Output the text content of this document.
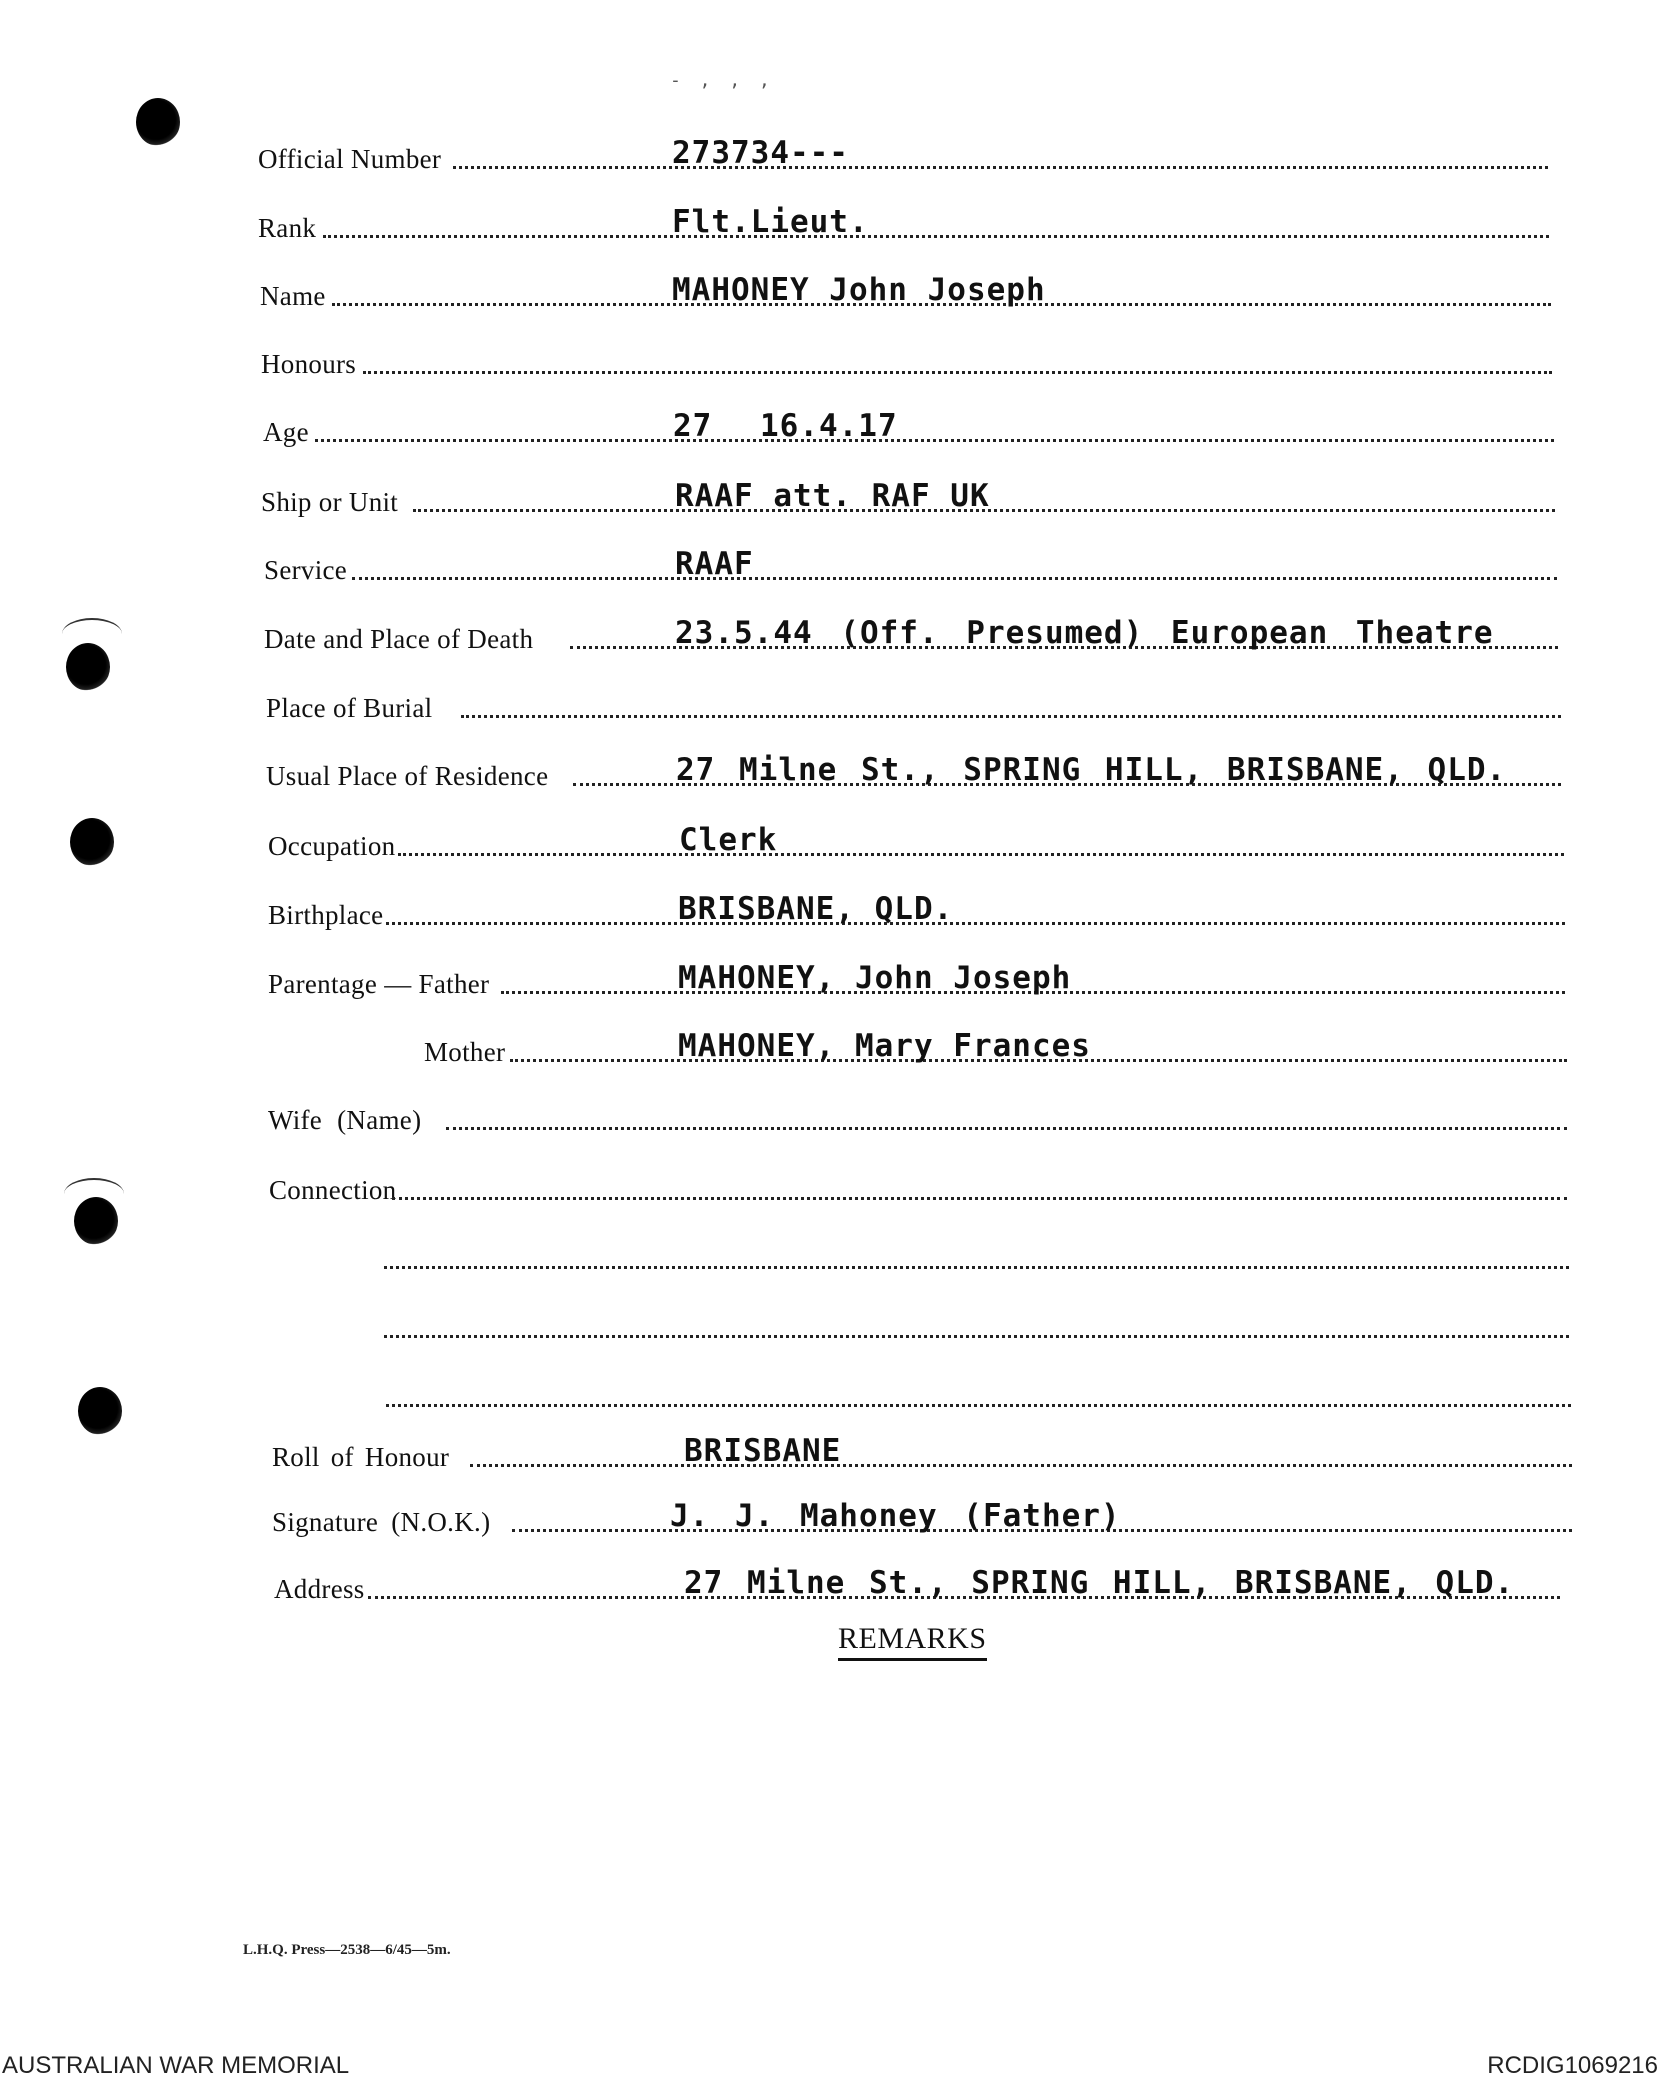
- , , ,
Official Number	273734---
Rank	Flt.Lieut.
Name	MAHONEY John Joseph
Honours
Age	27 16.4.17
Ship or Unit	RAAF att. RAF UK
Service	RAAF
Date and Place of Death	23.5.44 (Off. Presumed) European Theatre
Place of Burial
Usual Place of Residence	27 Milne St., SPRING HILL, BRISBANE, QLD.
Occupation	Clerk
Birthplace	BRISBANE, QLD.
Parentage — Father	MAHONEY, John Joseph
Mother	MAHONEY, Mary Frances
Wife (Name)
Connection
Roll of Honour	BRISBANE
Signature (N.O.K.)	J. J. Mahoney (Father)
Address	27 Milne St., SPRING HILL, BRISBANE, QLD.
REMARKS
L.H.Q. Press—2538—6/45—5m.
AUSTRALIAN WAR MEMORIAL	RCDIG1069216
